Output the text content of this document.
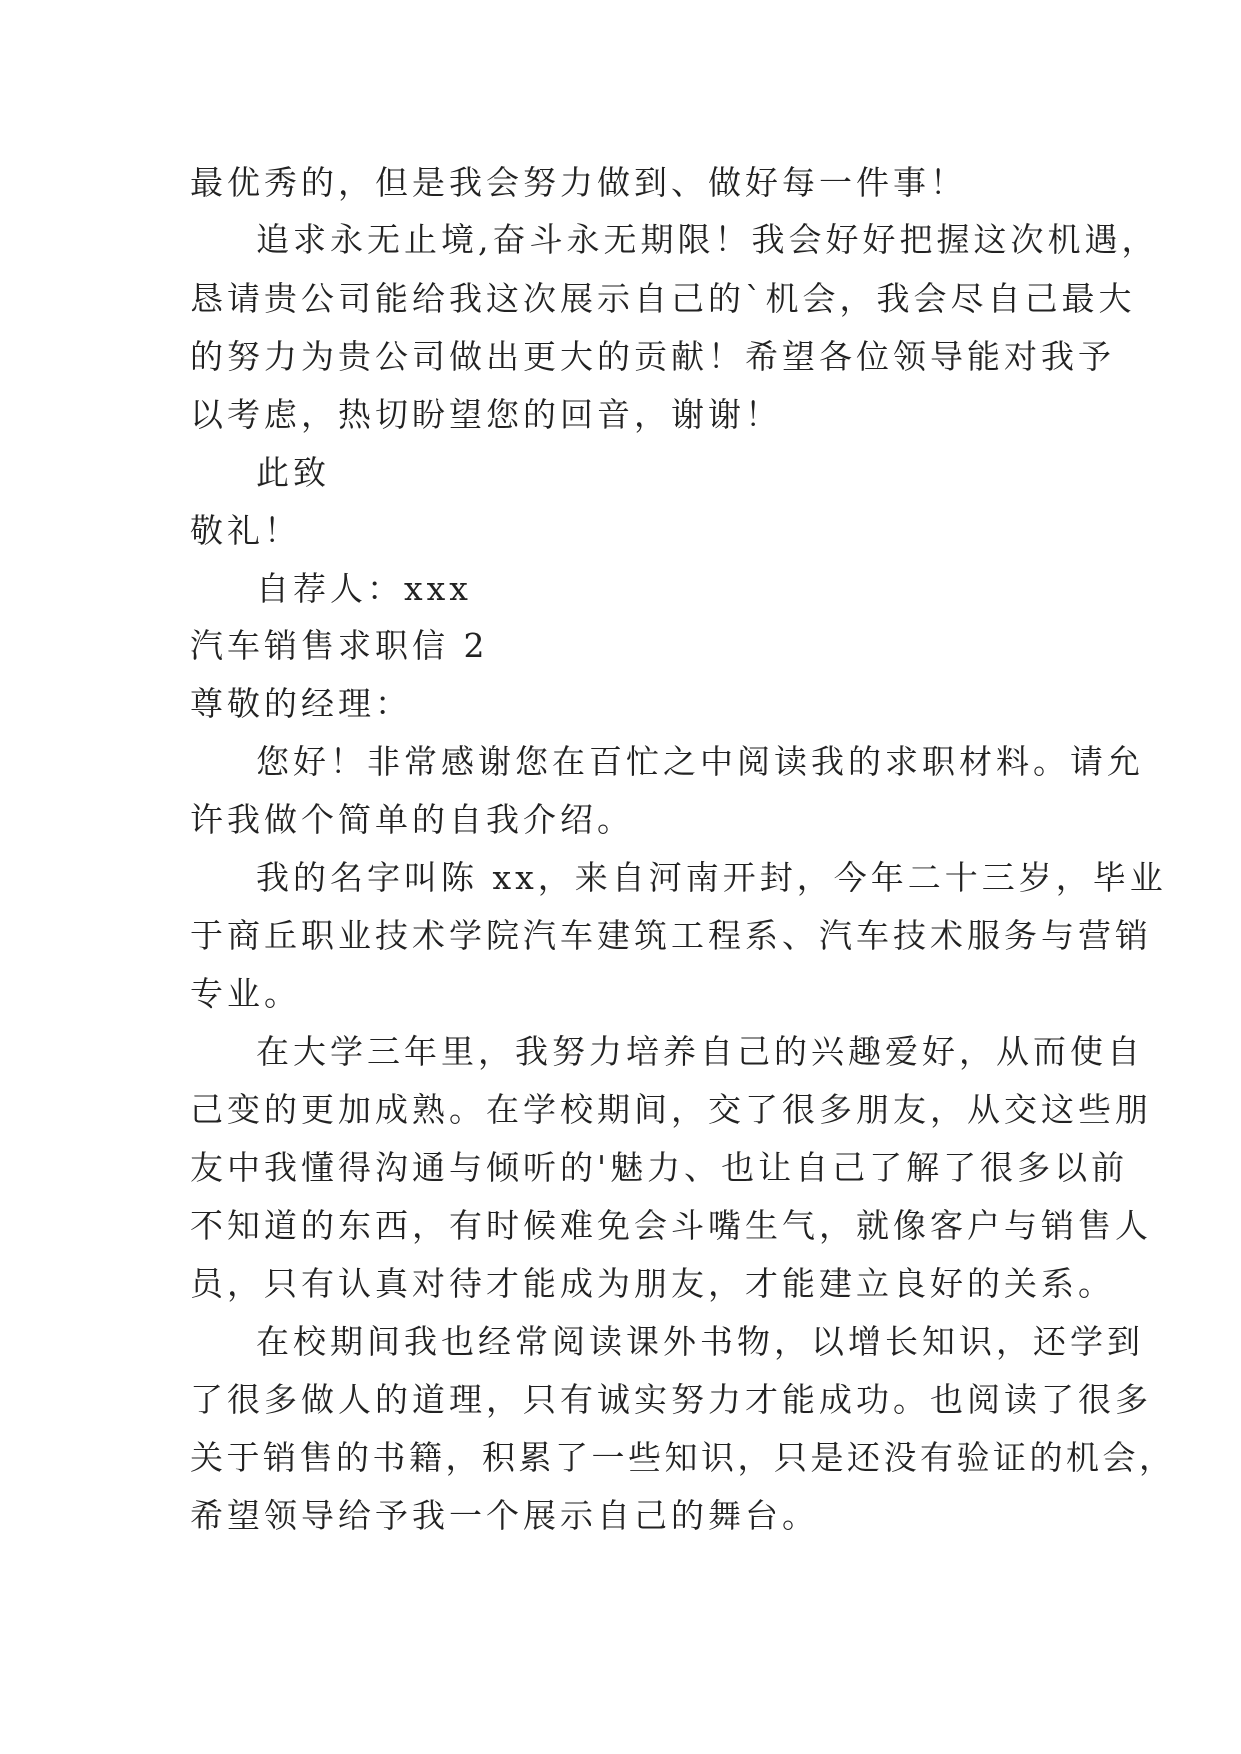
最优秀的，但是我会努力做到、做好每一件事！
追求永无止境,奋斗永无期限！我会好好把握这次机遇，
恳请贵公司能给我这次展示自己的`机会，我会尽自己最大
的努力为贵公司做出更大的贡献！希望各位领导能对我予
以考虑，热切盼望您的回音，谢谢！
此致
敬礼！
自荐人：xxx
汽车销售求职信 2
尊敬的经理：
您好！非常感谢您在百忙之中阅读我的求职材料。请允
许我做个简单的自我介绍。
我的名字叫陈 xx，来自河南开封，今年二十三岁，毕业
于商丘职业技术学院汽车建筑工程系、汽车技术服务与营销
专业。
在大学三年里，我努力培养自己的兴趣爱好，从而使自
己变的更加成熟。在学校期间，交了很多朋友，从交这些朋
友中我懂得沟通与倾听的'魅力、也让自己了解了很多以前
不知道的东西，有时候难免会斗嘴生气，就像客户与销售人
员，只有认真对待才能成为朋友，才能建立良好的关系。
在校期间我也经常阅读课外书物，以增长知识，还学到
了很多做人的道理，只有诚实努力才能成功。也阅读了很多
关于销售的书籍，积累了一些知识，只是还没有验证的机会，
希望领导给予我一个展示自己的舞台。
